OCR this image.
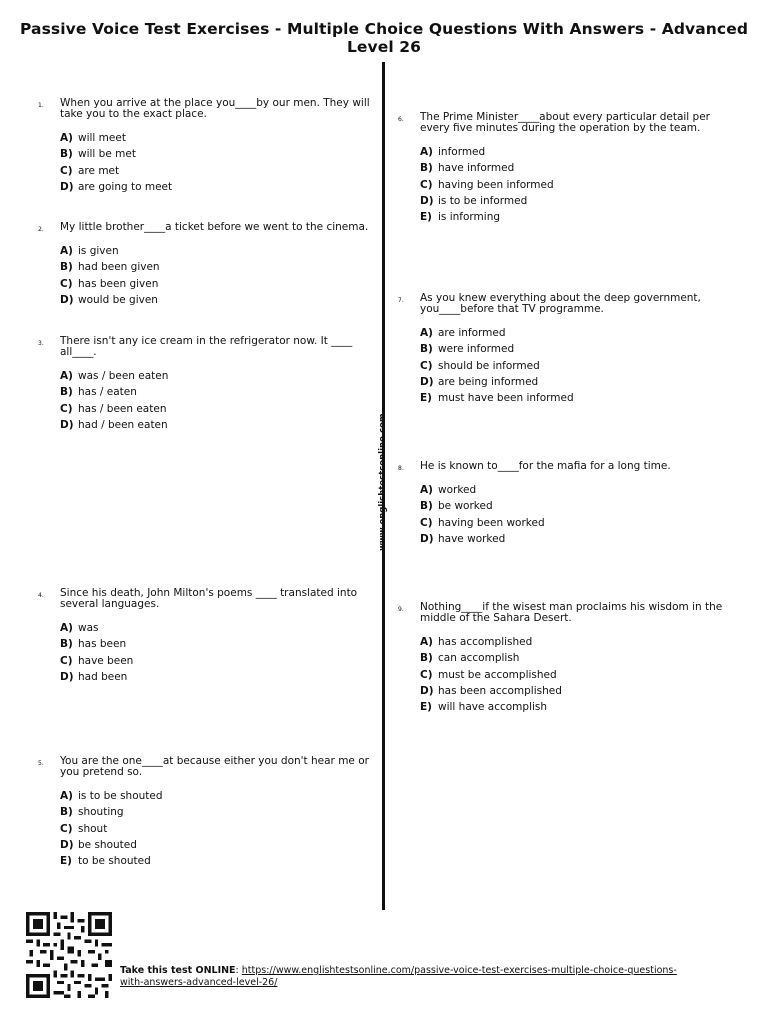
Passive Voice Test Exercises - Multiple Choice Questions With Answers - Advanced Level 26
www.englishtestsonline.com
1. When you arrive at the place you____by our men. They will take you to the exact place.

A) will meet
B) will be met
C) are met
D) are going to meet
2. My little brother____a ticket before we went to the cinema.

A) is given
B) had been given
C) has been given
D) would be given
3. There isn't any ice cream in the refrigerator now. It ____ all____.

A) was / been eaten
B) has / eaten
C) has / been eaten
D) had / been eaten
4. Since his death, John Milton's poems ____ translated into several languages.

A) was
B) has been
C) have been
D) had been
5. You are the one____at because either you don't hear me or you pretend so.

A) is to be shouted
B) shouting
C) shout
D) be shouted
E) to be shouted
6. The Prime Minister____about every particular detail per every five minutes during the operation by the team.

A) informed
B) have informed
C) having been informed
D) is to be informed
E) is informing
7. As you knew everything about the deep government, you____before that TV programme.

A) are informed
B) were informed
C) should be informed
D) are being informed
E) must have been informed
8. He is known to____for the mafia for a long time.

A) worked
B) be worked
C) having been worked
D) have worked
9. Nothing____if the wisest man proclaims his wisdom in the middle of the Sahara Desert.

A) has accomplished
B) can accomplish
C) must be accomplished
D) has been accomplished
E) will have accomplish
Take this test ONLINE: https://www.englishtestsonline.com/passive-voice-test-exercises-multiple-choice-questions-with-answers-advanced-level-26/
